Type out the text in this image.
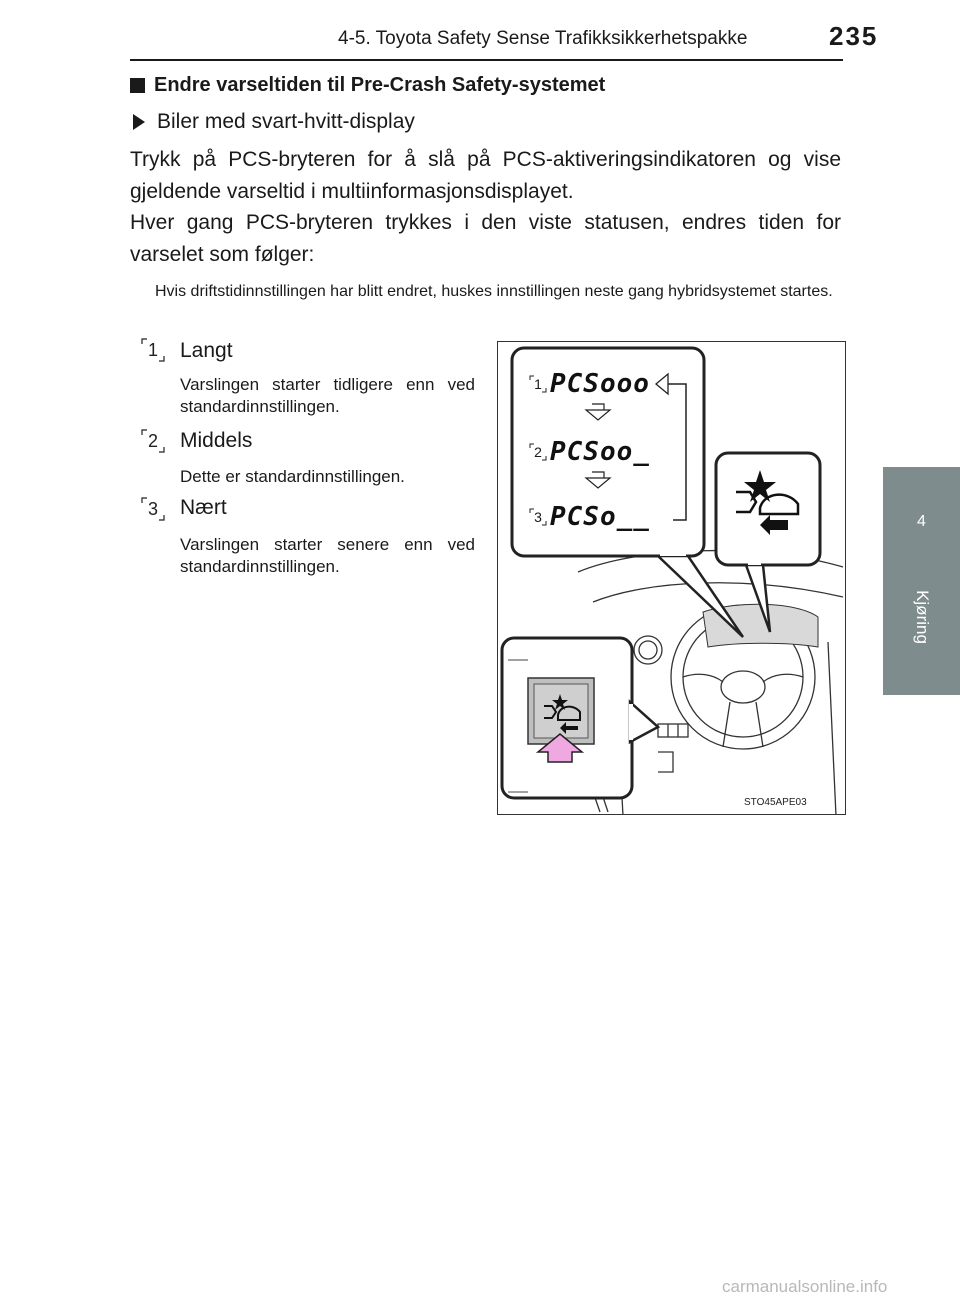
4-5. Toyota Safety Sense Trafikksikkerhetspakke	235
4
Kjøring
Endre varseltiden til Pre-Crash Safety-systemet
Biler med svart-hvitt-display

Trykk på PCS-bryteren for å slå på PCS-aktiveringsindikatoren og vise gjeldende varseltid i multiinformasjonsdisplayet.

Hver gang PCS-bryteren trykkes i den viste statusen, endres tiden for varselet som følger:

Hvis driftstidinnstillingen har blitt endret, huskes innstillingen neste gang hybridsystemet startes.

1	Langt

Varslingen starter tidligere enn ved standardinnstillingen.

2	Middels

Dette er standardinnstillingen.

3	Nært

Varslingen starter senere enn ved standardinnstillingen.

1 PCSooo
2 PCSoo_
3 PCSo__
STO45APE03
carmanualsonline.info
